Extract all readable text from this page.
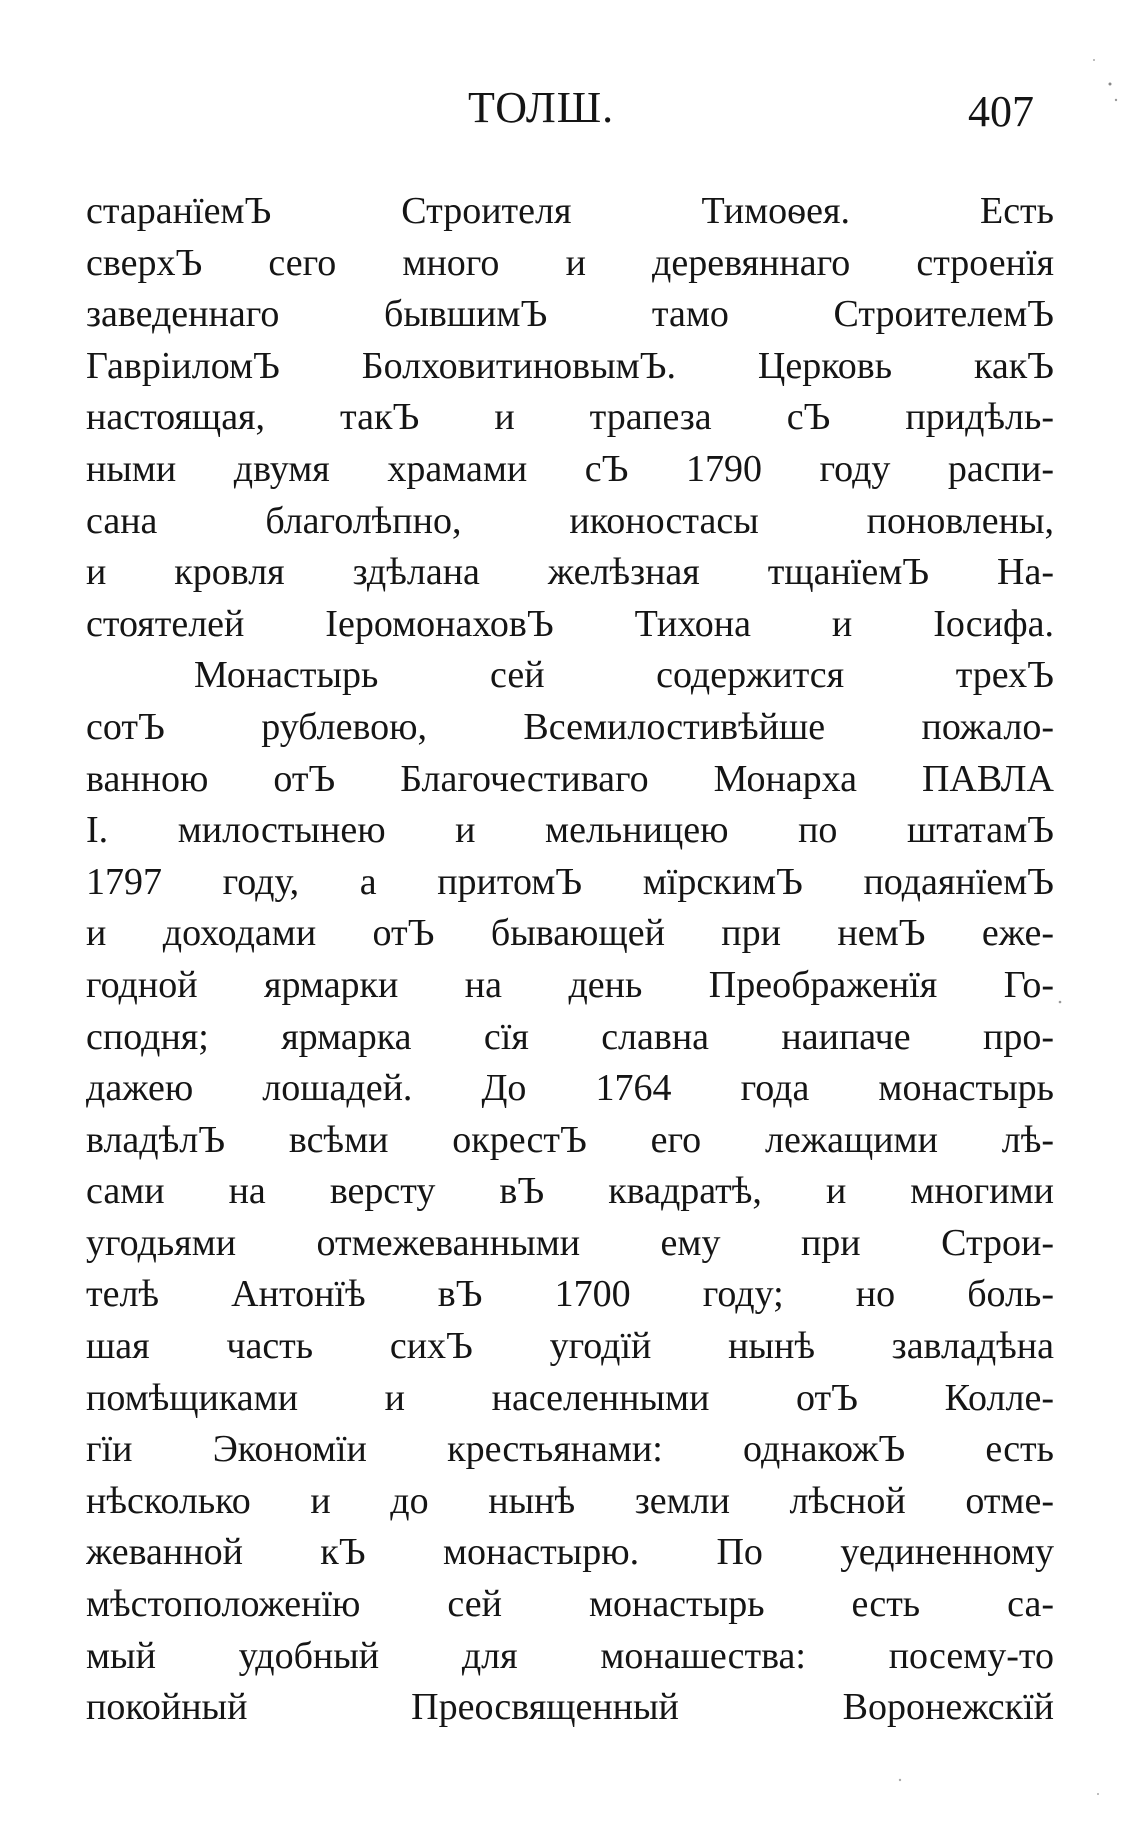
ТОЛШ.	407
старанїемЪ Строителя Тимоѳея. Есть
сверхЪ сего много и деревяннаго строенїя
заведеннаго бывшимЪ тамо СтроителемЪ
ГавріиломЪ БолховитиновымЪ. Церковь какЪ
настоящая, такЪ и трапеза сЪ придѣль-
ными двумя храмами сЪ 1790 году распи-
сана благолѣпно, иконостасы поновлены,
и кровля здѣлана желѣзная тщанїемЪ На-
стоятелей ІеромонаховЪ Тихона и Іосифа.
Монастырь сей содержится трехЪ
сотЪ рублевою, Всемилостивѣйше пожало-
ванною отЪ Благочестиваго Монарха ПАВЛА
I. милостынею и мельницею по штатамЪ
1797 году, а притомЪ мїрскимЪ подаянїемЪ
и доходами отЪ бывающей при немЪ еже-
годной ярмарки на день Преображенїя Го-
сподня; ярмарка сїя славна наипаче про-
дажею лошадей. До 1764 года монастырь
владѣлЪ всѣми окрестЪ его лежащими лѣ-
сами на версту вЪ квадратѣ, и многими
угодьями отмежеванными ему при Строи-
телѣ Антонїѣ вЪ 1700 году; но боль-
шая часть сихЪ угодїй нынѣ завладѣна
помѣщиками и населенными отЪ Колле-
гїи Экономїи крестьянами: однакожЪ есть
нѣсколько и до нынѣ земли лѣсной отме-
жеванной кЪ монастырю. По уединенному
мѣстоположенїю сей монастырь есть са-
мый удобный для монашества: посему-то
покойный Преосвященный Воронежскїй
